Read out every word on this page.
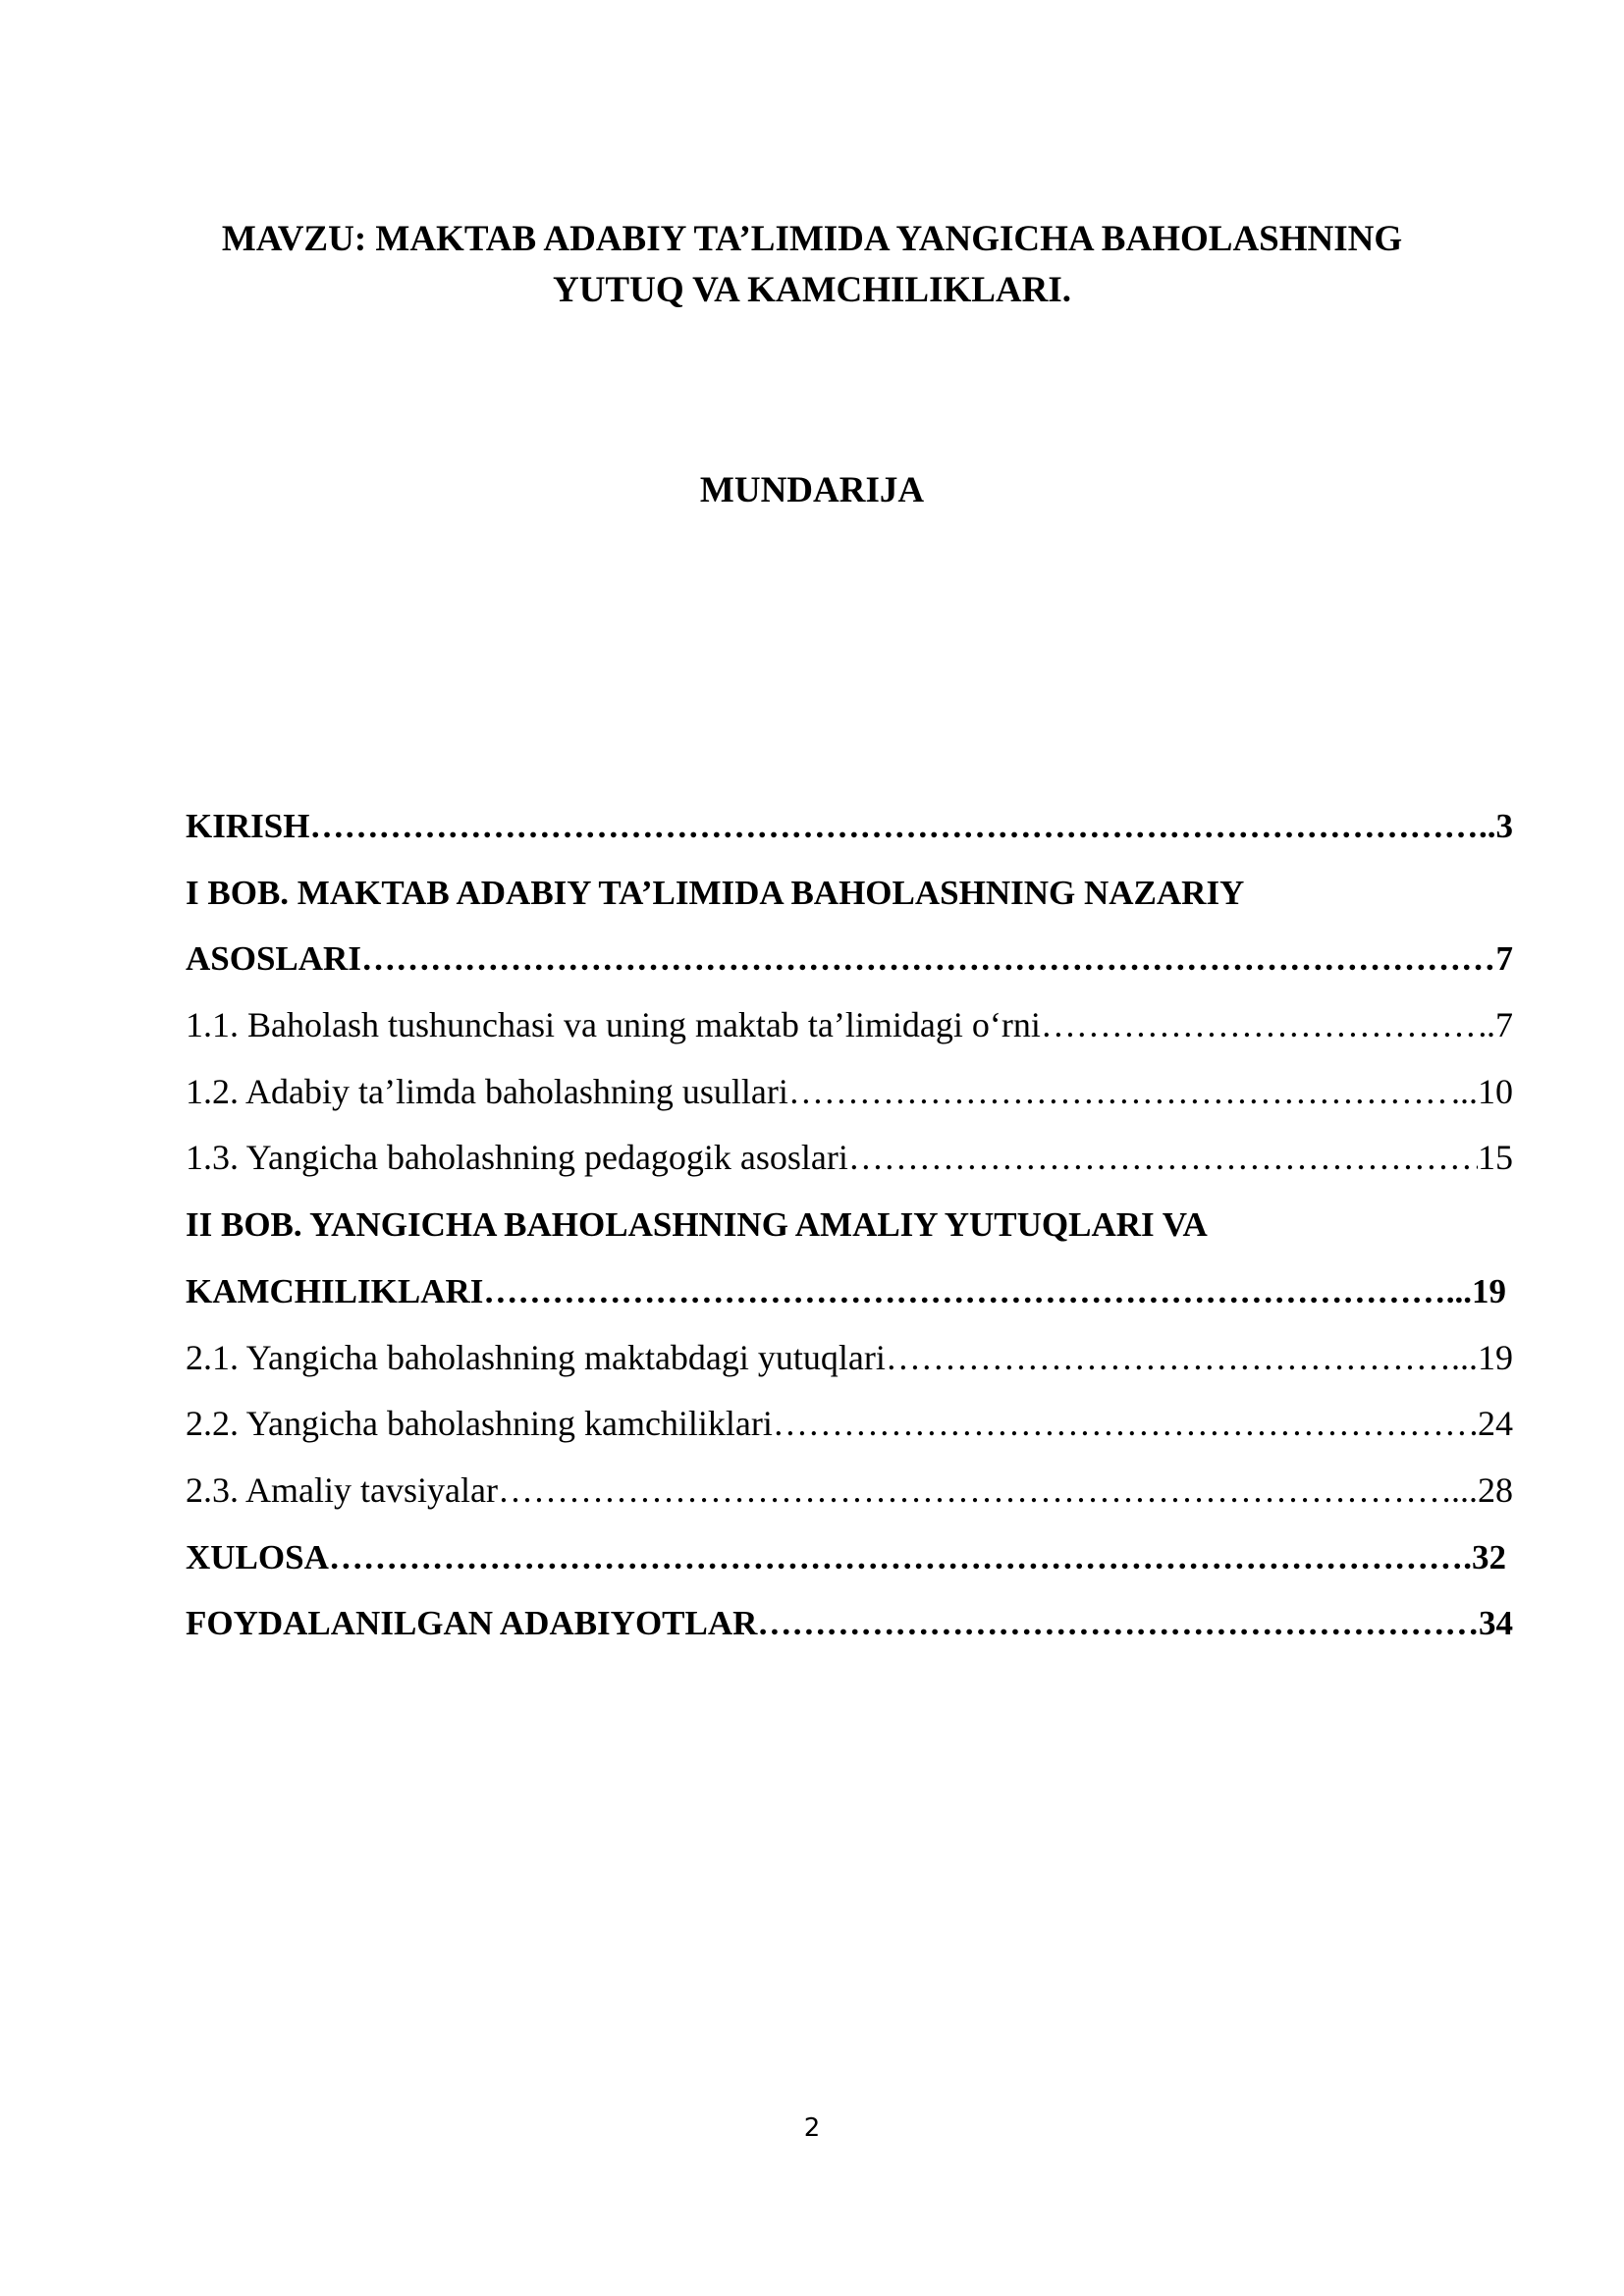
MAVZU: MAKTAB ADABIY TA’LIMIDA YANGICHA BAHOLASHNING
YUTUQ VA KAMCHILIKLARI.
MUNDARIJA
KIRISH …………………………………………………………………………………………………………………………………………………………………………………………………………………………………………………………………………	..3
I BOB. MAKTAB ADABIY TA’LIMIDA BAHOLASHNING NAZARIY
ASOSLARI …………………………………………………………………………………………………………………………………………………………………………………………………………………………………………………………………………	7
1.1. Baholash tushunchasi va uning maktab ta’limidagi o‘rni …………………………………………………………………………………………………………………………………………………………………………………………………………………………………………………………………………	.7
1.2. Adabiy ta’limda baholashning usullari …………………………………………………………………………………………………………………………………………………………………………………………………………………………………………………………………………	...10
1.3. Yangicha baholashning pedagogik asoslari …………………………………………………………………………………………………………………………………………………………………………………………………………………………………………………………………………	15
II BOB. YANGICHA BAHOLASHNING AMALIY YUTUQLARI VA
KAMCHILIKLARI …………………………………………………………………………………………………………………………………………………………………………………………………………………………………………………………………………	...19
2.1. Yangicha baholashning maktabdagi yutuqlari …………………………………………………………………………………………………………………………………………………………………………………………………………………………………………………………………………	...19
2.2. Yangicha baholashning kamchiliklari …………………………………………………………………………………………………………………………………………………………………………………………………………………………………………………………………………	24
2.3. Amaliy tavsiyalar …………………………………………………………………………………………………………………………………………………………………………………………………………………………………………………………………………	...28
XULOSA …………………………………………………………………………………………………………………………………………………………………………………………………………………………………………………………………………	.32
FOYDALANILGAN ADABIYOTLAR …………………………………………………………………………………………………………………………………………………………………………………………………………………………………………………………………………	34
2
